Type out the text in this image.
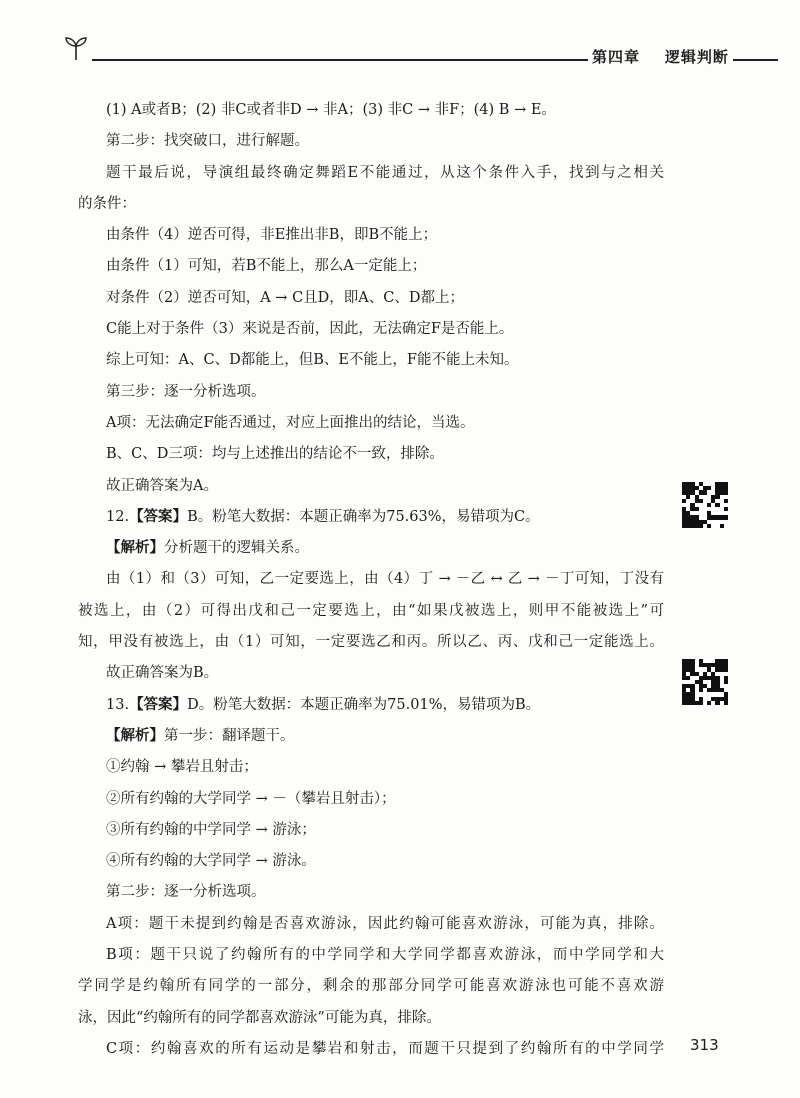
第四章 逻辑判断
(1) A或者B；(2) 非C或者非D → 非A；(3) 非C → 非F；(4) B → E。
第二步：找突破口，进行解题。
题干最后说，导演组最终确定舞蹈E不能通过，从这个条件入手，找到与之相关
的条件：
由条件（4）逆否可得，非E推出非B，即B不能上；
由条件（1）可知，若B不能上，那么A一定能上；
对条件（2）逆否可知，A → C且D，即A、C、D都上；
C能上对于条件（3）来说是否前，因此，无法确定F是否能上。
综上可知：A、C、D都能上，但B、E不能上，F能不能上未知。
第三步：逐一分析选项。
A项：无法确定F能否通过，对应上面推出的结论，当选。
B、C、D三项：均与上述推出的结论不一致，排除。
故正确答案为A。
12.【答案】B。粉笔大数据：本题正确率为75.63%，易错项为C。
【解析】分析题干的逻辑关系。
由（1）和（3）可知，乙一定要选上，由（4）丁 → －乙 ↔ 乙 → －丁可知，丁没有
被选上，由（2）可得出戊和己一定要选上，由“如果戊被选上，则甲不能被选上”可
知，甲没有被选上，由（1）可知，一定要选乙和丙。所以乙、丙、戊和己一定能选上。
故正确答案为B。
13.【答案】D。粉笔大数据：本题正确率为75.01%，易错项为B。
【解析】第一步：翻译题干。
①约翰 → 攀岩且射击；
②所有约翰的大学同学 → －（攀岩且射击）；
③所有约翰的中学同学 → 游泳；
④所有约翰的大学同学 → 游泳。
第二步：逐一分析选项。
A项：题干未提到约翰是否喜欢游泳，因此约翰可能喜欢游泳，可能为真，排除。
B项：题干只说了约翰所有的中学同学和大学同学都喜欢游泳，而中学同学和大
学同学是约翰所有同学的一部分，剩余的那部分同学可能喜欢游泳也可能不喜欢游
泳，因此“约翰所有的同学都喜欢游泳”可能为真，排除。
C项：约翰喜欢的所有运动是攀岩和射击，而题干只提到了约翰所有的中学同学 313
